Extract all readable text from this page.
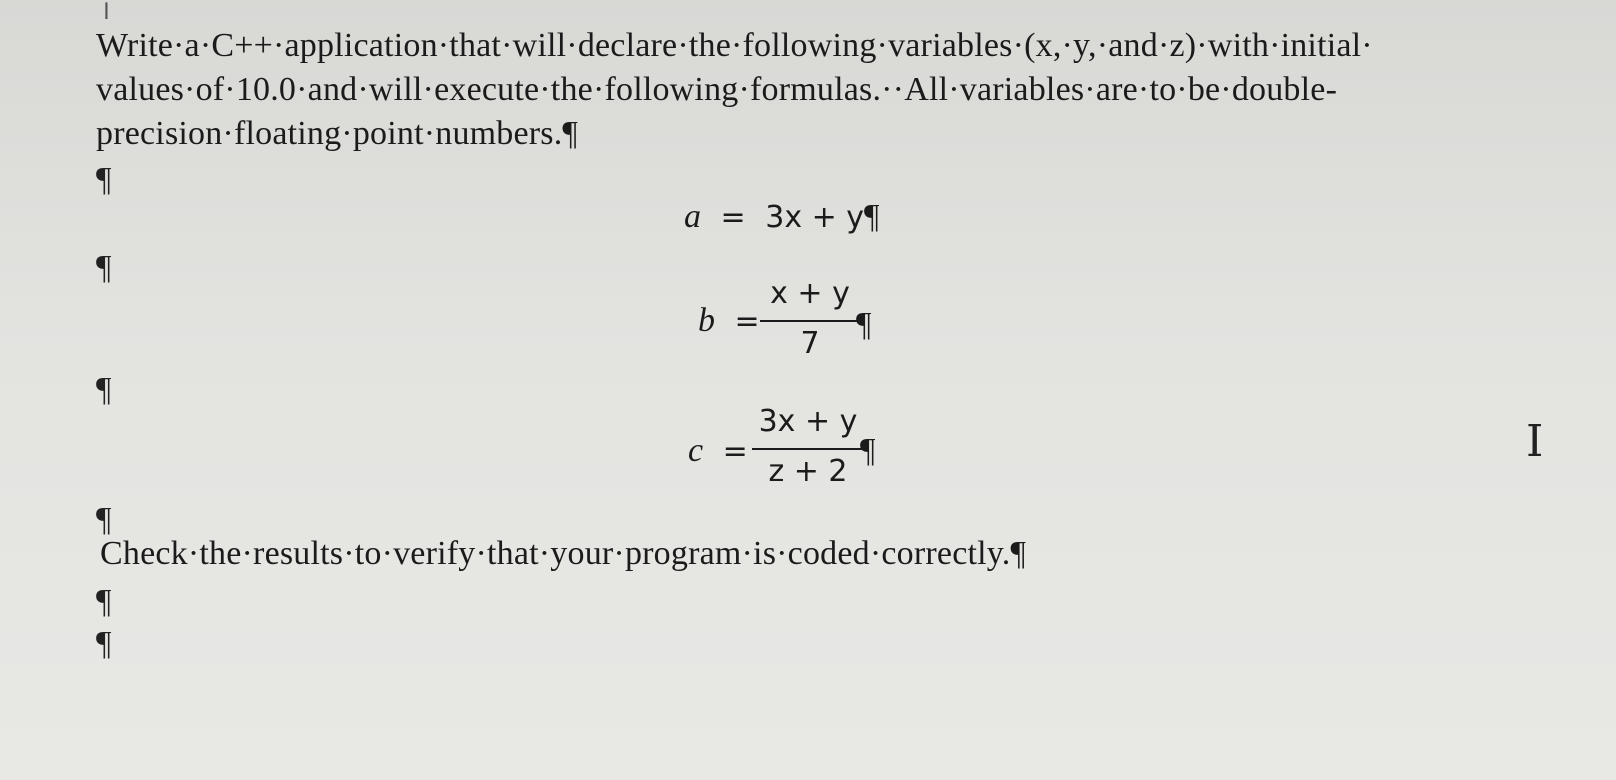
╷
Write·a·C++·application·that·will·declare·the·following·variables·(x,·y,·and·z)·with·initial·
values·of·10.0·and·will·execute·the·following·formulas.··All·variables·are·to·be·double-
precision·floating·point·numbers.¶
¶
a = 3x + y¶
¶
b =
x + y
7
¶
¶
c =
3x + y
z + 2
¶
¶
Check·the·results·to·verify·that·your·program·is·coded·correctly.¶
¶
¶
I
